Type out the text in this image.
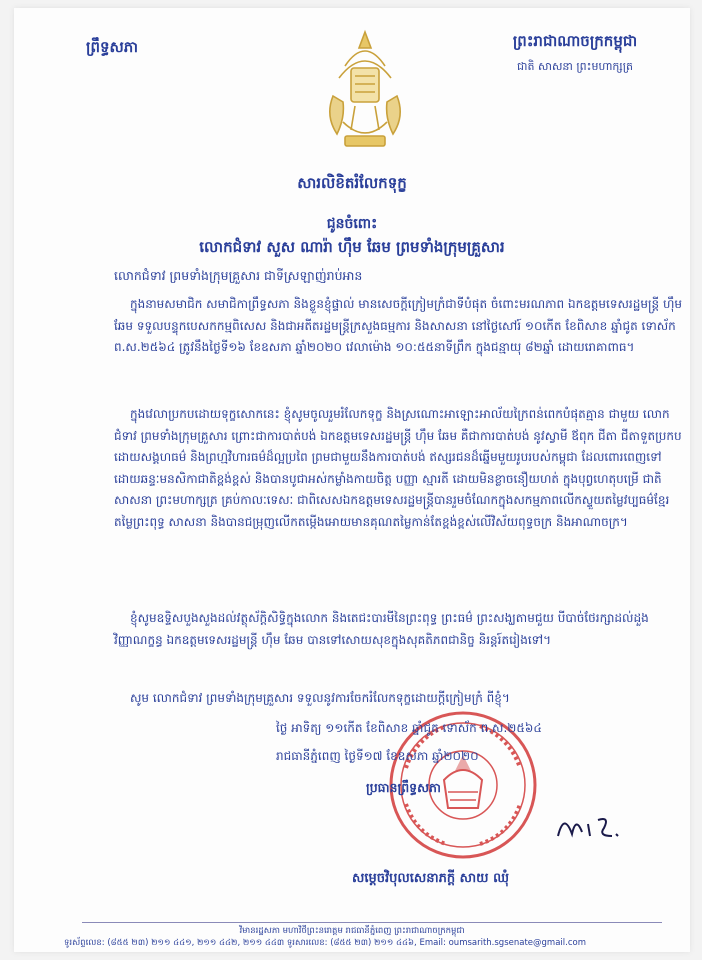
ព្រឹទ្ធសភា	ព្រះរាជាណាចក្រកម្ពុជា
ជាតិ សាសនា ព្រះមហាក្សត្រ
សារលិខិតរំលែកទុក្ខ
ជូនចំពោះ
លោកជំទាវ សួស ណារ៉ា ហ៊ឹម ឆែម ព្រមទាំងក្រុមគ្រួសារ
លោកជំទាវ ព្រមទាំងក្រុមគ្រួសារ ជាទីស្រឡាញ់រាប់អាន
ក្នុងនាមសមាជិក សមាជិកាព្រឹទ្ធសភា និងខ្លួនខ្ញុំផ្ទាល់ មានសេចក្ដីក្រៀមក្រំជាទីបំផុត ចំពោះមរណភាព ឯកឧត្តមទេសរដ្ឋមន្ត្រី ហ៊ឹម ឆែម ទទួលបន្ទុកបេសកកម្មពិសេស និងជាអតីតរដ្ឋមន្ត្រីក្រសួងធម្មការ និងសាសនា នៅថ្ងៃសៅរ៍ ១០កើត ខែពិសាខ ឆ្នាំជូត ទោស័ក ព.ស.២៥៦៤ ត្រូវនឹងថ្ងៃទី១៦ ខែឧសភា ឆ្នាំ២០២០ វេលាម៉ោង ១០:៥៥នាទីព្រឹក ក្នុងជន្មាយុ ៨២ឆ្នាំ ដោយរោគាពាធ។
ក្នុងវេលាប្រកបដោយទុក្ខសោកនេះ ខ្ញុំសូមចូលរួមរំលែកទុក្ខ និងស្រណោះអាឡោះអាល័យក្រៃពន់ពេកបំផុតគ្មាន ជាមួយ លោកជំទាវ ព្រមទាំងក្រុមគ្រួសារ ព្រោះជាការបាត់បង់ ឯកឧត្តមទេសរដ្ឋមន្ត្រី ហ៊ឹម ឆែម គឺជាការបាត់បង់ នូវស្វាមី ឪពុក ជីតា ជីតាទួតប្រកបដោយសង្គហធម៌ និងព្រហ្មវិហារធម៌ដ៏ល្អប្រពៃ ព្រមជាមួយនឹងការបាត់បង់ ឥស្សរជនដ៏ឆ្នើមមួយរូបរបស់កម្ពុជា ដែលពោរពេញទៅដោយឆន្ទៈមនសិកាជាតិខ្ពង់ខ្ពស់ និងបានបូជាអស់កម្លាំងកាយចិត្ត បញ្ញា ស្មារតី ដោយមិនខ្លាចនឿយហត់ ក្នុងបុព្វហេតុបម្រើ ជាតិ សាសនា ព្រះមហាក្សត្រ គ្រប់កាលៈទេសៈ ជាពិសេសឯកឧត្តមទេសរដ្ឋមន្ត្រីបានរួមចំណែកក្នុងសកម្មភាពលើកស្ទួយតម្លៃវប្បធម៌ខ្មែរ តម្លៃព្រះពុទ្ធ សាសនា និងបានជម្រុញលើកតម្កើងអោយមានគុណតម្លៃកាន់តែខ្ពង់ខ្ពស់លើវិស័យពុទ្ធចក្រ និងអាណាចក្រ។
ខ្ញុំសូមឧទ្ទិសបួងសួងដល់វត្ថុស័ក្តិសិទ្ធិក្នុងលោក និងតេជះបារមីនៃព្រះពុទ្ធ ព្រះធម៌ ព្រះសង្ឃតាមជួយ បីបាច់ថែរក្សាដល់ដួងវិញ្ញាណក្ខន្ធ ឯកឧត្តមទេសរដ្ឋមន្ត្រី ហ៊ឹម ឆែម បានទៅសោយសុខក្នុងសុគតិភពជានិច្ច និរន្តរ៍តរៀងទៅ។
សូម លោកជំទាវ ព្រមទាំងក្រុមគ្រួសារ ទទួលនូវការចែករំលែកទុក្ខដោយក្ដីក្រៀមក្រំ ពីខ្ញុំ។
ថ្ងៃ អាទិត្យ ១១កើត ខែពិសាខ ឆ្នាំជូត ទោស័ក ព.ស.២៥៦៤
រាជធានីភ្នំពេញ ថ្ងៃទី១៧ ខែឧសភា ឆ្នាំ២០២០
ប្រធានព្រឹទ្ធសភា
សម្ដេចវិបុលសេនាភក្ដី សាយ ឈុំ
វិមានរដ្ឋសភា មហាវិថីព្រះនរោត្តម រាជធានីភ្នំពេញ ព្រះរាជាណាចក្រកម្ពុជា
ទូរស័ព្ទលេខ: (៨៥៥ ២៣) ២១១ ៤៤១, ២១១ ៤៤២, ២១១ ៤៤៣ ទូរសារលេខ: (៨៥៥ ២៣) ២១១ ៤៤៦, Email: oumsarith.sgsenate@gmail.com
